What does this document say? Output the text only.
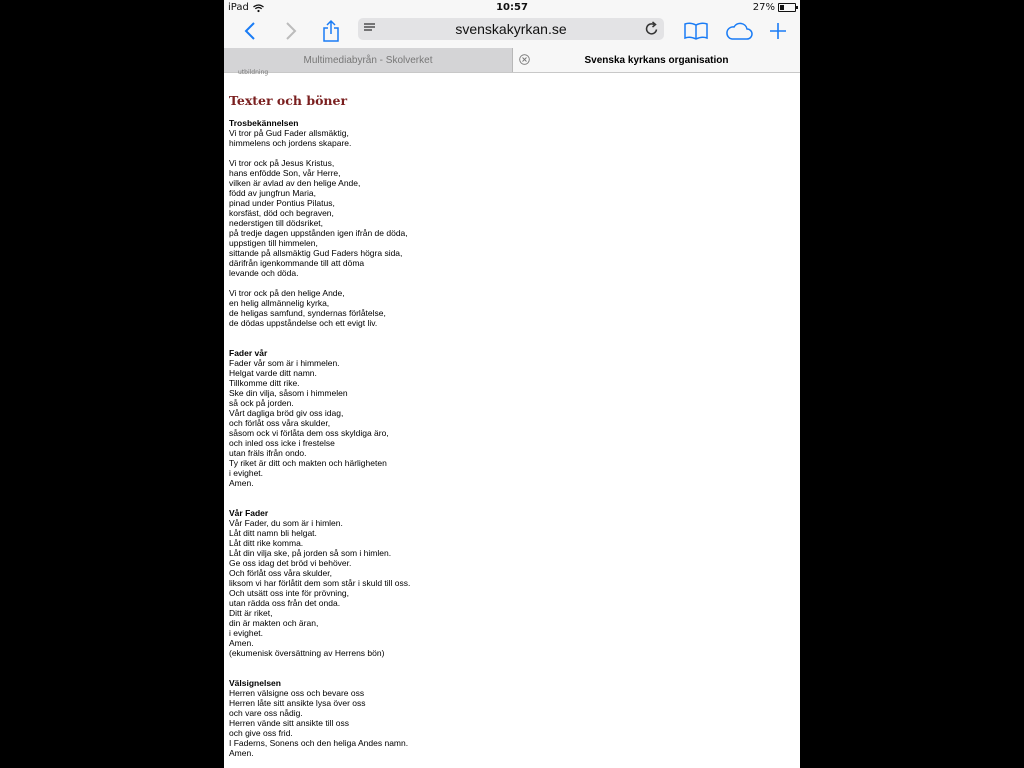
iPad	10:57	27%
svenskakyrkan.se
Multimediabyrån - Skolverket	Svenska kyrkans organisation
utbildning
Texter och böner
Trosbekännelsen

Vi tror på Gud Fader allsmäktig,

himmelens och jordens skapare.

Vi tror ock på Jesus Kristus,

hans enfödde Son, vår Herre,

vilken är avlad av den helige Ande,

född av jungfrun Maria,

pinad under Pontius Pilatus,

korsfäst, död och begraven,

nederstigen till dödsriket,

på tredje dagen uppstånden igen ifrån de döda,

uppstigen till himmelen,

sittande på allsmäktig Gud Faders högra sida,

därifrån igenkommande till att döma

levande och döda.

Vi tror ock på den helige Ande,

en helig allmännelig kyrka,

de heligas samfund, syndernas förlåtelse,

de dödas uppståndelse och ett evigt liv.

Fader vår

Fader vår som är i himmelen.

Helgat varde ditt namn.

Tillkomme ditt rike.

Ske din vilja, såsom i himmelen

så ock på jorden.

Vårt dagliga bröd giv oss idag,

och förlåt oss våra skulder,

såsom ock vi förlåta dem oss skyldiga äro,

och inled oss icke i frestelse

utan fräls ifrån ondo.

Ty riket är ditt och makten och härligheten

i evighet.

Amen.

Vår Fader

Vår Fader, du som är i himlen.

Låt ditt namn bli helgat.

Låt ditt rike komma.

Låt din vilja ske, på jorden så som i himlen.

Ge oss idag det bröd vi behöver.

Och förlåt oss våra skulder,

liksom vi har förlåtit dem som står i skuld till oss.

Och utsätt oss inte för prövning,

utan rädda oss från det onda.

Ditt är riket,

din är makten och äran,

i evighet.

Amen.

(ekumenisk översättning av Herrens bön)

Välsignelsen

Herren välsigne oss och bevare oss

Herren låte sitt ansikte lysa över oss

och vare oss nådig.

Herren vände sitt ansikte till oss

och give oss frid.

I Faderns, Sonens och den heliga Andes namn.

Amen.
